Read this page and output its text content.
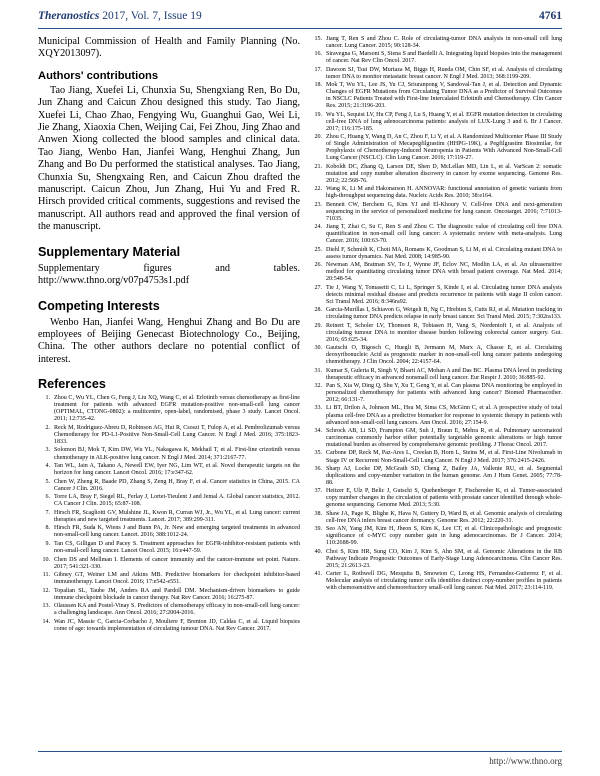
Theranostics 2017, Vol. 7, Issue 19	4761

Municipal Commission of Health and Family Planning (No. XQY2013097).

Authors' contributions

Tao Jiang, Xuefei Li, Chunxia Su, Shengxiang Ren, Bo Du, Jun Zhang and Caicun Zhou designed this study. Tao Jiang, Xuefei Li, Chao Zhao, Fengying Wu, Guanghui Gao, Wei Li, Jie Zhang, Xiaoxia Chen, Weijing Cai, Fei Zhou, Jing Zhao and Anwen Xiong collected the blood samples and clinical data. Tao Jiang, Wenbo Han, Jianfei Wang, Henghui Zhang, Jun Zhang and Bo Du performed the statistical analyses. Tao Jiang, Chunxia Su, Shengxaing Ren, and Caicun Zhou drafted the manuscript. Caicun Zhou, Jun Zhang, Hui Yu and Fred R. Hirsch provided critical comments, suggestions and revised the manuscript. All authors read and approved the final version of the manuscript.

Supplementary Material

Supplementary figures and tables. http://www.thno.org/v07p4753s1.pdf

Competing Interests

Wenbo Han, Jianfei Wang, Henghui Zhang and Bo Du are employees of Beijing Genecast Biotechnology Co., Beijing, China. The other authors declare no potential conflict of interest.

References
1. Zhou C, Wu YL, Chen G, Feng J, Liu XQ, Wang C, et al. Erlotinib versus chemotherapy as first-line treatment for patients with advanced EGFR mutation-positive non-small-cell lung cancer (OPTIMAL, CTONG-0802): a multicentre, open-label, randomised, phase 3 study. Lancet Oncol. 2011; 12:735-42.
2. Reck M, Rodriguez-Abreu D, Robinson AG, Hui R, Csoszi T, Fulop A, et al. Pembrolizumab versus Chemotherapy for PD-L1-Positive Non-Small-Cell Lung Cancer. N Engl J Med. 2016; 375:1823-1833.
3. Solomon BJ, Mok T, Kim DW, Wu YL, Nakagawa K, Mekhail T, et al. First-line crizotinib versus chemotherapy in ALK-positive lung cancer. N Engl J Med. 2014; 371:2167-77.
4. Tan WL, Jain A, Takano A, Newell EW, Iyer NG, Lim WT, et al. Novel therapeutic targets on the horizon for lung cancer. Lancet Oncol. 2016; 17:e347-62.
5. Chen W, Zheng R, Baade PD, Zhang S, Zeng H, Bray F, et al. Cancer statistics in China, 2015. CA Cancer J Clin. 2016.
6. Torre LA, Bray F, Siegel RL, Ferlay J, Lortet-Tieulent J and Jemal A. Global cancer statistics, 2012. CA Cancer J Clin. 2015; 65:87-108.
7. Hirsch FR, Scagliotti GV, Mulshine JL, Kwon R, Curran WJ, Jr., Wu YL, et al. Lung cancer: current therapies and new targeted treatments. Lancet. 2017; 389:299-311.
8. Hirsch FR, Suda K, Wiens J and Bunn PA, Jr. New and emerging targeted treatments in advanced non-small-cell lung cancer. Lancet. 2016; 388:1012-24.
9. Tan CS, Gilligan D and Pacey S. Treatment approaches for EGFR-inhibitor-resistant patients with non-small-cell lung cancer. Lancet Oncol. 2015; 16:e447-59.
10. Chen DS and Mellman I. Elements of cancer immunity and the cancer-immune set point. Nature. 2017; 541:321-330.
11. Gibney GT, Weiner LM and Atkins MB. Predictive biomarkers for checkpoint inhibitor-based immunotherapy. Lancet Oncol. 2016; 17:e542-e551.
12. Topalian SL, Taube JM, Anders RA and Pardoll DM. Mechanism-driven biomarkers to guide immune checkpoint blockade in cancer therapy. Nat Rev Cancer. 2016; 16:275-87.
13. Olaussen KA and Postel-Vinay S. Predictors of chemotherapy efficacy in non-small-cell lung cancer: a challenging landscape. Ann Oncol. 2016; 27:2004-2016.
14. Wan JC, Massie C, Garcia-Corbacho J, Mouliere F, Brenton JD, Caldas C, et al. Liquid biopsies come of age: towards implementation of circulating tumour DNA. Nat Rev Cancer. 2017.
15. Jiang T, Ren S and Zhou C. Role of circulating-tumor DNA analysis in non-small cell lung cancer. Lung Cancer. 2015; 90:128-34.
16. Siravegna G, Marsoni S, Siena S and Bardelli A. Integrating liquid biopsies into the management of cancer. Nat Rev Clin Oncol. 2017.
17. Dawson SJ, Tsui DW, Murtaza M, Biggs H, Rueda OM, Chin SF, et al. Analysis of circulating tumor DNA to monitor metastatic breast cancer. N Engl J Med. 2013; 368:1199-209.
18. Mok T, Wu YL, Lee JS, Yu CJ, Sriuranpong V, Sandoval-Tan J, et al. Detection and Dynamic Changes of EGFR Mutations from Circulating Tumor DNA as a Predictor of Survival Outcomes in NSCLC Patients Treated with First-line Intercalated Erlotinib and Chemotherapy. Clin Cancer Res. 2015; 21:3196-203.
19. Wu YL, Sequist LV, Hu CP, Feng J, Lu S, Huang Y, et al. EGFR mutation detection in circulating cell-free DNA of lung adenocarcinoma patients: analysis of LUX-Lung 3 and 6. Br J Cancer. 2017; 116:175-185.
20. Zhou C, Huang Y, Wang D, An C, Zhou F, Li Y, et al. A Randomized Multicenter Phase III Study of Single Administration of Mecapegfilgrastim (HHPG-19K), a Pegfilgrastim Biosimilar, for Prophylaxis of Chemotherapy-Induced Neutropenia in Patients With Advanced Non-Small-Cell Lung Cancer (NSCLC). Clin Lung Cancer. 2016; 17:119-27.
21. Koboldt DC, Zhang Q, Larson DE, Shen D, McLellan MD, Lin L, et al. VarScan 2: somatic mutation and copy number alteration discovery in cancer by exome sequencing. Genome Res. 2012; 22:568-76.
22. Wang K, Li M and Hakonarson H. ANNOVAR: functional annotation of genetic variants from high-throughput sequencing data. Nucleic Acids Res. 2010; 38:e164.
23. Bennett CW, Berchem G, Kim YJ and El-Khoury V. Cell-free DNA and next-generation sequencing in the service of personalized medicine for lung cancer. Oncotarget. 2016; 7:71013-71035.
24. Jiang T, Zhai C, Su C, Ren S and Zhou C. The diagnostic value of circulating cell free DNA quantification in non-small cell lung cancer: A systematic review with meta-analysis. Lung Cancer. 2016; 100:63-70.
25. Diehl F, Schmidt K, Choti MA, Romans K, Goodman S, Li M, et al. Circulating mutant DNA to assess tumor dynamics. Nat Med. 2008; 14:985-90.
26. Newman AM, Bratman SV, To J, Wynne JF, Eclov NC, Modlin LA, et al. An ultrasensitive method for quantitating circulating tumor DNA with broad patient coverage. Nat Med. 2014; 20:548-54.
27. Tie J, Wang Y, Tomasetti C, Li L, Springer S, Kinde I, et al. Circulating tumor DNA analysis detects minimal residual disease and predicts recurrence in patients with stage II colon cancer. Sci Transl Med. 2016; 8:346ra92.
28. Garcia-Murillas I, Schiavon G, Weigelt B, Ng C, Hrebien S, Cutts RJ, et al. Mutation tracking in circulating tumor DNA predicts relapse in early breast cancer. Sci Transl Med. 2015; 7:302ra133.
29. Reinert T, Scholer LV, Thomsen R, Tobiasen H, Vang S, Nordentoft I, et al. Analysis of circulating tumour DNA to monitor disease burden following colorectal cancer surgery. Gut. 2016; 65:625-34.
30. Gautschi O, Bigosch C, Huegli B, Jermann M, Marx A, Chasse E, et al. Circulating deoxyribonucleic Acid as prognostic marker in non-small-cell lung cancer patients undergoing chemotherapy. J Clin Oncol. 2004; 22:4157-64.
31. Kumar S, Guleria R, Singh V, Bharti AC, Mohan A and Das BC. Plasma DNA level in predicting therapeutic efficacy in advanced nonsmall cell lung cancer. Eur Respir J. 2010; 36:885-92.
32. Pan S, Xia W, Ding Q, Shu Y, Xu T, Geng Y, et al. Can plasma DNA monitoring be employed in personalized chemotherapy for patients with advanced lung cancer? Biomed Pharmacother. 2012; 66:131-7.
33. Li BT, Drilon A, Johnson ML, Hsu M, Sima CS, McGinn C, et al. A prospective study of total plasma cell-free DNA as a predictive biomarker for response to systemic therapy in patients with advanced non-small-cell lung cancers. Ann Oncol. 2016; 27:154-9.
34. Schrock AB, Li SD, Frampton GM, Suh J, Braun E, Mehra R, et al. Pulmonary sarcomatoid carcinomas commonly harbor either potentially targetable genomic alterations or high tumor mutational burden as observed by comprehensive genomic profiling. J Thorac Oncol. 2017.
35. Carbone DP, Reck M, Paz-Ares L, Creelan B, Horn L, Steins M, et al. First-Line Nivolumab in Stage IV or Recurrent Non-Small-Cell Lung Cancer. N Engl J Med. 2017; 376:2415-2426.
36. Sharp AJ, Locke DP, McGrath SD, Cheng Z, Bailey JA, Vallente RU, et al. Segmental duplications and copy-number variation in the human genome. Am J Hum Genet. 2005; 77:78-88.
37. Heitzer E, Ulz P, Belic J, Gutschi S, Quehenberger F, Fischereder K, et al. Tumor-associated copy number changes in the circulation of patients with prostate cancer identified through whole-genome sequencing. Genome Med. 2013; 5:30.
38. Shaw JA, Page K, Blighe K, Hava N, Guttery D, Ward B, et al. Genomic analysis of circulating cell-free DNA infers breast cancer dormancy. Genome Res. 2012; 22:220-31.
39. Seo AN, Yang JM, Kim H, Jheon S, Kim K, Lee CT, et al. Clinicopathologic and prognostic significance of c-MYC copy number gain in lung adenocarcinomas. Br J Cancer. 2014; 110:2688-99.
40. Choi S, Kim HR, Sung CO, Kim J, Kim S, Ahn SM, et al. Genomic Alterations in the RB Pathway Indicate Prognostic Outcomes of Early-Stage Lung Adenocarcinoma. Clin Cancer Res. 2015; 21:2613-23.
41. Carter L, Rothwell DG, Mesquita B, Smowton C, Leong HS, Fernandez-Gutierrez F, et al. Molecular analysis of circulating tumor cells identifies distinct copy-number profiles in patients with chemosensitive and chemorefractory small-cell lung cancer. Nat Med. 2017; 23:114-119.
http://www.thno.org
